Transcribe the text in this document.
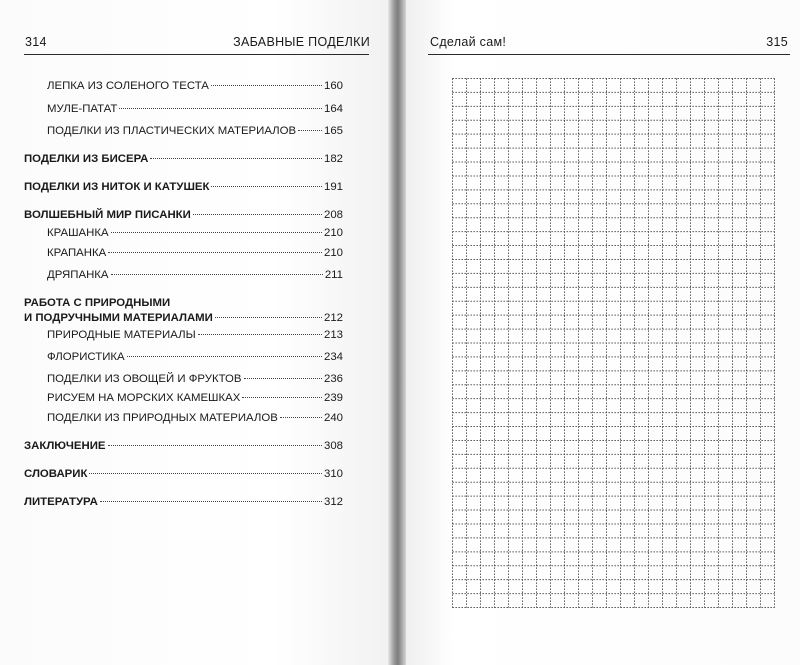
314	ЗАБАВНЫЕ ПОДЕЛКИ
ЛЕПКА ИЗ СОЛЕНОГО ТЕСТА	160
МУЛЕ-ПАТАТ	164
ПОДЕЛКИ ИЗ ПЛАСТИЧЕСКИХ МАТЕРИАЛОВ 165
ПОДЕЛКИ ИЗ БИСЕРА	182
ПОДЕЛКИ ИЗ НИТОК И КАТУШЕК	191
ВОЛШЕБНЫЙ МИР ПИСАНКИ	208
КРАШАНКА	210
КРАПАНКА	210
ДРЯПАНКА	211
РАБОТА С ПРИРОДНЫМИ
И ПОДРУЧНЫМИ МАТЕРИАЛАМИ	212
ПРИРОДНЫЕ МАТЕРИАЛЫ	213
ФЛОРИСТИКА	234
ПОДЕЛКИ ИЗ ОВОЩЕЙ И ФРУКТОВ	236
РИСУЕМ НА МОРСКИХ КАМЕШКАХ	239
ПОДЕЛКИ ИЗ ПРИРОДНЫХ МАТЕРИАЛОВ	240
ЗАКЛЮЧЕНИЕ	308
СЛОВАРИК	310
ЛИТЕРАТУРА	312
Сделай сам!	315
